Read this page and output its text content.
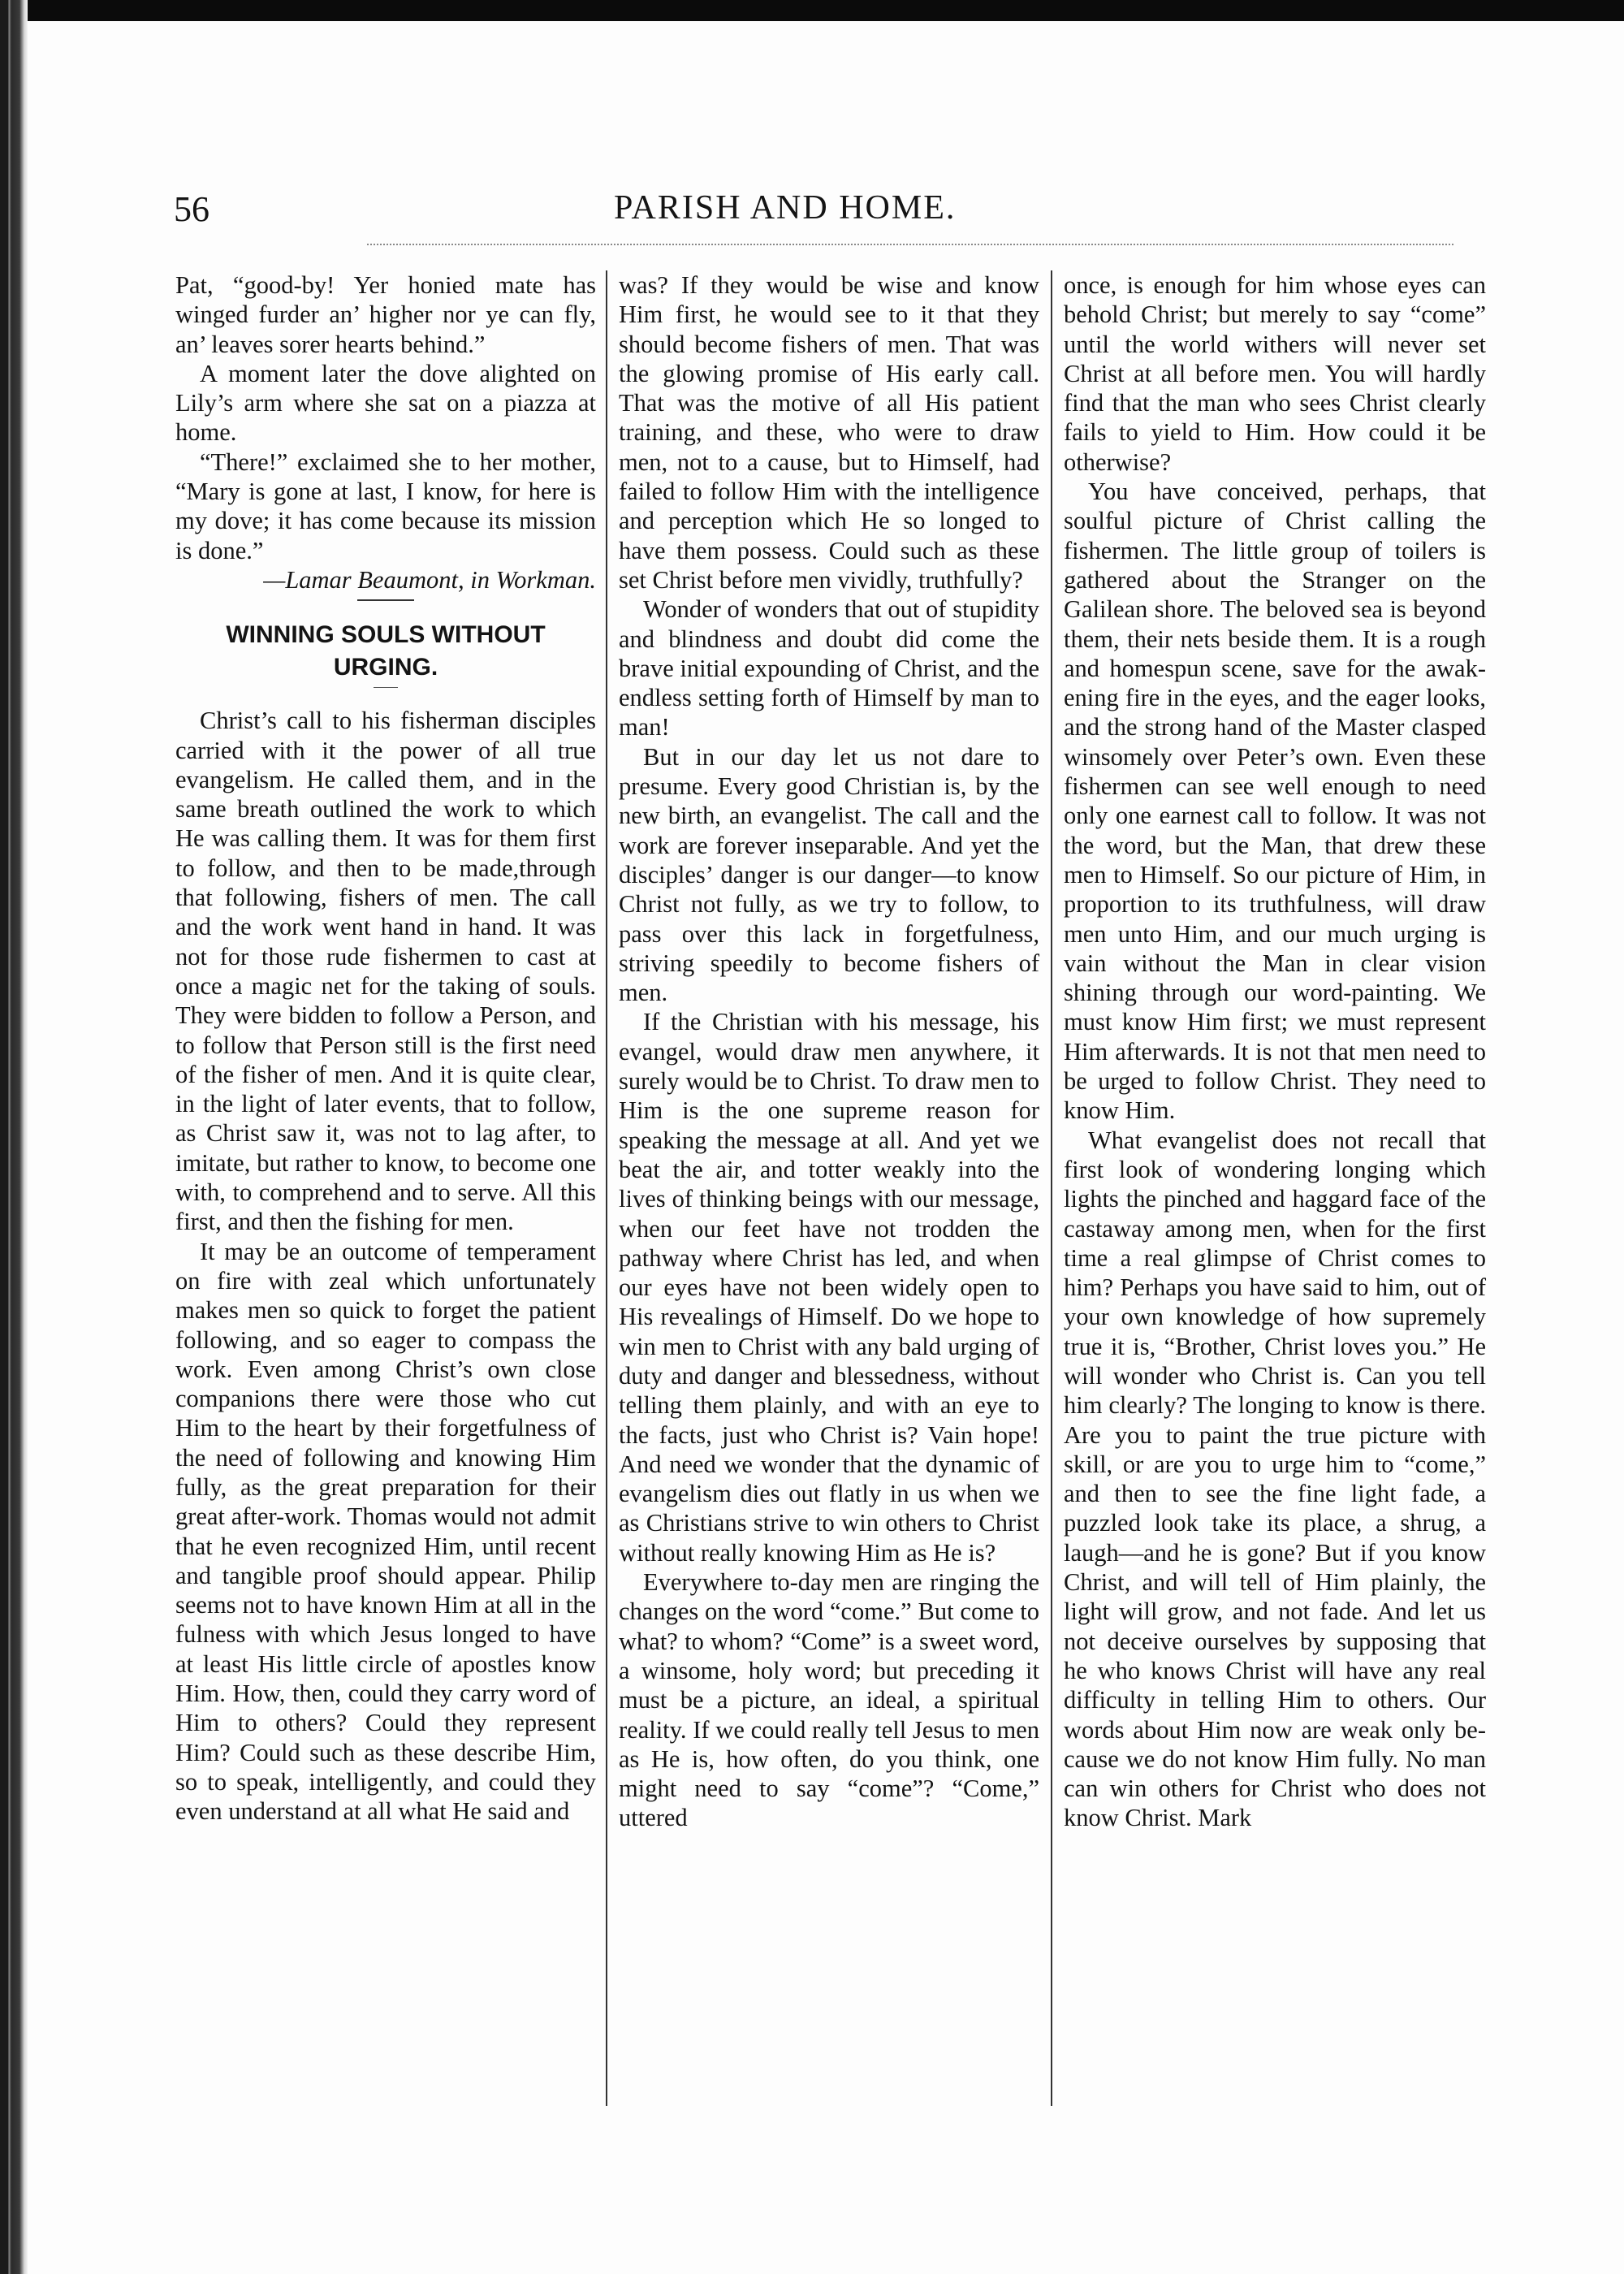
56	PARISH AND HOME.

Pat, “good-by! Yer honied mate has winged furder an’ higher nor ye can fly, an’ leaves sorer hearts behind.”

A moment later the dove alighted on Lily’s arm where she sat on a piazza at home.

“There!” exclaimed she to her mother, “Mary is gone at last, I know, for here is my dove; it has come because its mission is done.”

—Lamar Beaumont, in Workman.

WINNING SOULS WITHOUT URGING.

Christ’s call to his fisherman disciples carried with it the power of all true evangelism. He called them, and in the same breath outlined the work to which He was calling them. It was for them first to follow, and then to be made,through that following, fishers of men. The call and the work went hand in hand. It was not for those rude fishermen to cast at once a magic net for the taking of souls. They were bidden to follow a Person, and to follow that Person still is the first need of the fisher of men. And it is quite clear, in the light of later events, that to follow, as Christ saw it, was not to lag after, to imitate, but rather to know, to become one with, to comprehend and to serve. All this first, and then the fishing for men.

It may be an outcome of temperament on fire with zeal which unfortunately makes men so quick to forget the patient following, and so eager to compass the work. Even among Christ’s own close companions there were those who cut Him to the heart by their forgetfulness of the need of following and knowing Him fully, as the great preparation for their great after-work. Thomas would not admit that he even recognized Him, until recent and tangible proof should appear. Philip seems not to have known Him at all in the fulness with which Jesus longed to have at least His little circle of apostles know Him. How, then, could they carry word of Him to others? Could they represent Him? Could such as these describe Him, so to speak, intelligently, and could they even understand at all what He said and

was? If they would be wise and know Him first, he would see to it that they should become fishers of men. That was the glowing promise of His early call. That was the motive of all His patient training, and these, who were to draw men, not to a cause, but to Himself, had failed to follow Him with the intelligence and perception which He so longed to have them possess. Could such as these set Christ before men vividly, truthfully?

Wonder of wonders that out of stupidity and blindness and doubt did come the brave initial expounding of Christ, and the endless setting forth of Himself by man to man!

But in our day let us not dare to presume. Every good Christian is, by the new birth, an evangelist. The call and the work are forever inseparable. And yet the disciples’ danger is our danger—to know Christ not fully, as we try to follow, to pass over this lack in forgetfulness, striving speedily to become fishers of men.

If the Christian with his message, his evangel, would draw men anywhere, it surely would be to Christ. To draw men to Him is the one supreme reason for speaking the message at all. And yet we beat the air, and totter weakly into the lives of thinking beings with our message, when our feet have not trodden the pathway where Christ has led, and when our eyes have not been widely open to His revealings of Himself. Do we hope to win men to Christ with any bald urging of duty and danger and blessedness, without telling them plainly, and with an eye to the facts, just who Christ is? Vain hope! And need we wonder that the dynamic of evangelism dies out flatly in us when we as Christians strive to win others to Christ without really knowing Him as He is?

Everywhere to-day men are ringing the changes on the word “come.” But come to what? to whom? “Come” is a sweet word, a winsome, holy word; but preceding it must be a picture, an ideal, a spiritual reality. If we could really tell Jesus to men as He is, how often, do you think, one might need to say “come”? “Come,” uttered

once, is enough for him whose eyes can behold Christ; but merely to say “come” until the world withers will never set Christ at all before men. You will hardly find that the man who sees Christ clearly fails to yield to Him. How could it be otherwise?

You have conceived, perhaps, that soulful picture of Christ calling the fishermen. The little group of toilers is gathered about the Stranger on the Galilean shore. The beloved sea is beyond them, their nets beside them. It is a rough and homespun scene, save for the awakening fire in the eyes, and the eager looks, and the strong hand of the Master clasped winsomely over Peter’s own. Even these fishermen can see well enough to need only one earnest call to follow. It was not the word, but the Man, that drew these men to Himself. So our picture of Him, in proportion to its truthfulness, will draw men unto Him, and our much urging is vain without the Man in clear vision shining through our word-painting. We must know Him first; we must represent Him afterwards. It is not that men need to be urged to follow Christ. They need to know Him.

What evangelist does not recall that first look of wondering longing which lights the pinched and haggard face of the castaway among men, when for the first time a real glimpse of Christ comes to him? Perhaps you have said to him, out of your own knowledge of how supremely true it is, “Brother, Christ loves you.” He will wonder who Christ is. Can you tell him clearly? The longing to know is there. Are you to paint the true picture with skill, or are you to urge him to “come,” and then to see the fine light fade, a puzzled look take its place, a shrug, a laugh—and he is gone? But if you know Christ, and will tell of Him plainly, the light will grow, and not fade. And let us not deceive ourselves by supposing that he who knows Christ will have any real difficulty in telling Him to others. Our words about Him now are weak only because we do not know Him fully. No man can win others for Christ who does not know Christ. Mark
